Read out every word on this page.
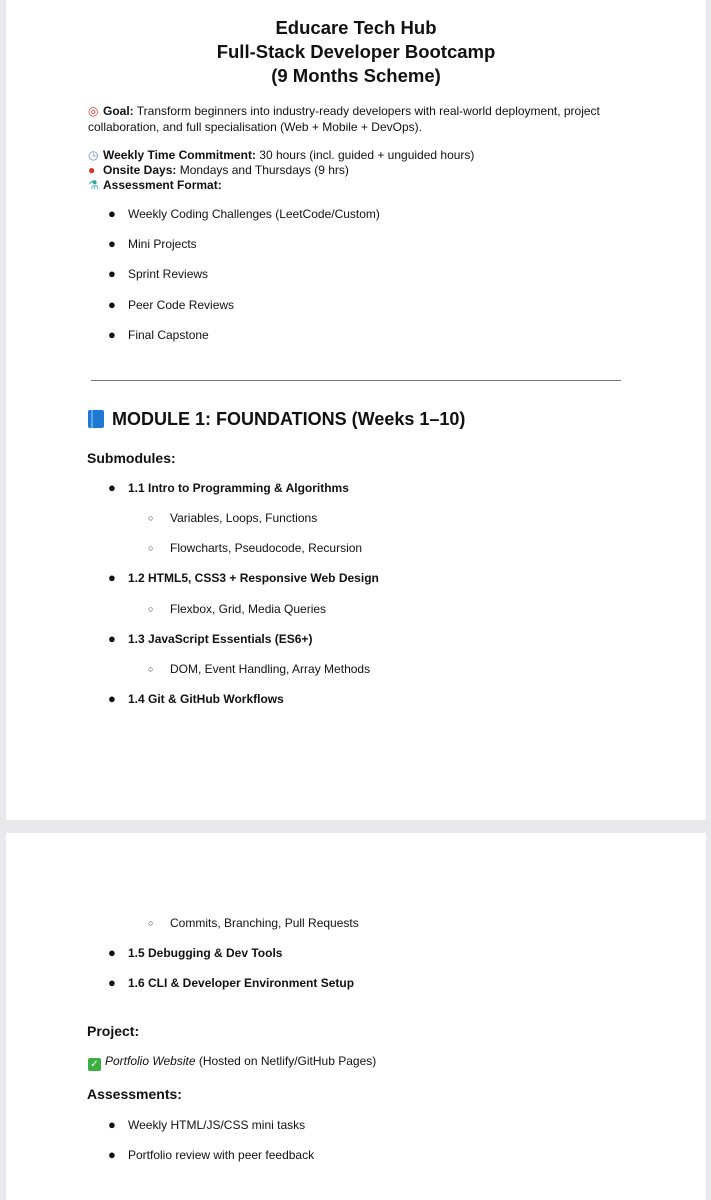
Educare Tech Hub
Full-Stack Developer Bootcamp
(9 Months Scheme)
◎ Goal: Transform beginners into industry-ready developers with real-world deployment, project
collaboration, and full specialisation (Web + Mobile + DevOps).
◷ Weekly Time Commitment: 30 hours (incl. guided + unguided hours)
● Onsite Days: Mondays and Thursdays (9 hrs)
⚗ Assessment Format:
● Weekly Coding Challenges (LeetCode/Custom)
● Mini Projects
● Sprint Reviews
● Peer Code Reviews
● Final Capstone
MODULE 1: FOUNDATIONS (Weeks 1–10)
Submodules:
● 1.1 Intro to Programming & Algorithms
○ Variables, Loops, Functions
○ Flowcharts, Pseudocode, Recursion
● 1.2 HTML5, CSS3 + Responsive Web Design
○ Flexbox, Grid, Media Queries
● 1.3 JavaScript Essentials (ES6+)
○ DOM, Event Handling, Array Methods
● 1.4 Git & GitHub Workflows
○ Commits, Branching, Pull Requests
● 1.5 Debugging & Dev Tools
● 1.6 CLI & Developer Environment Setup
Project:
✓ Portfolio Website (Hosted on Netlify/GitHub Pages)
Assessments:
● Weekly HTML/JS/CSS mini tasks
● Portfolio review with peer feedback
